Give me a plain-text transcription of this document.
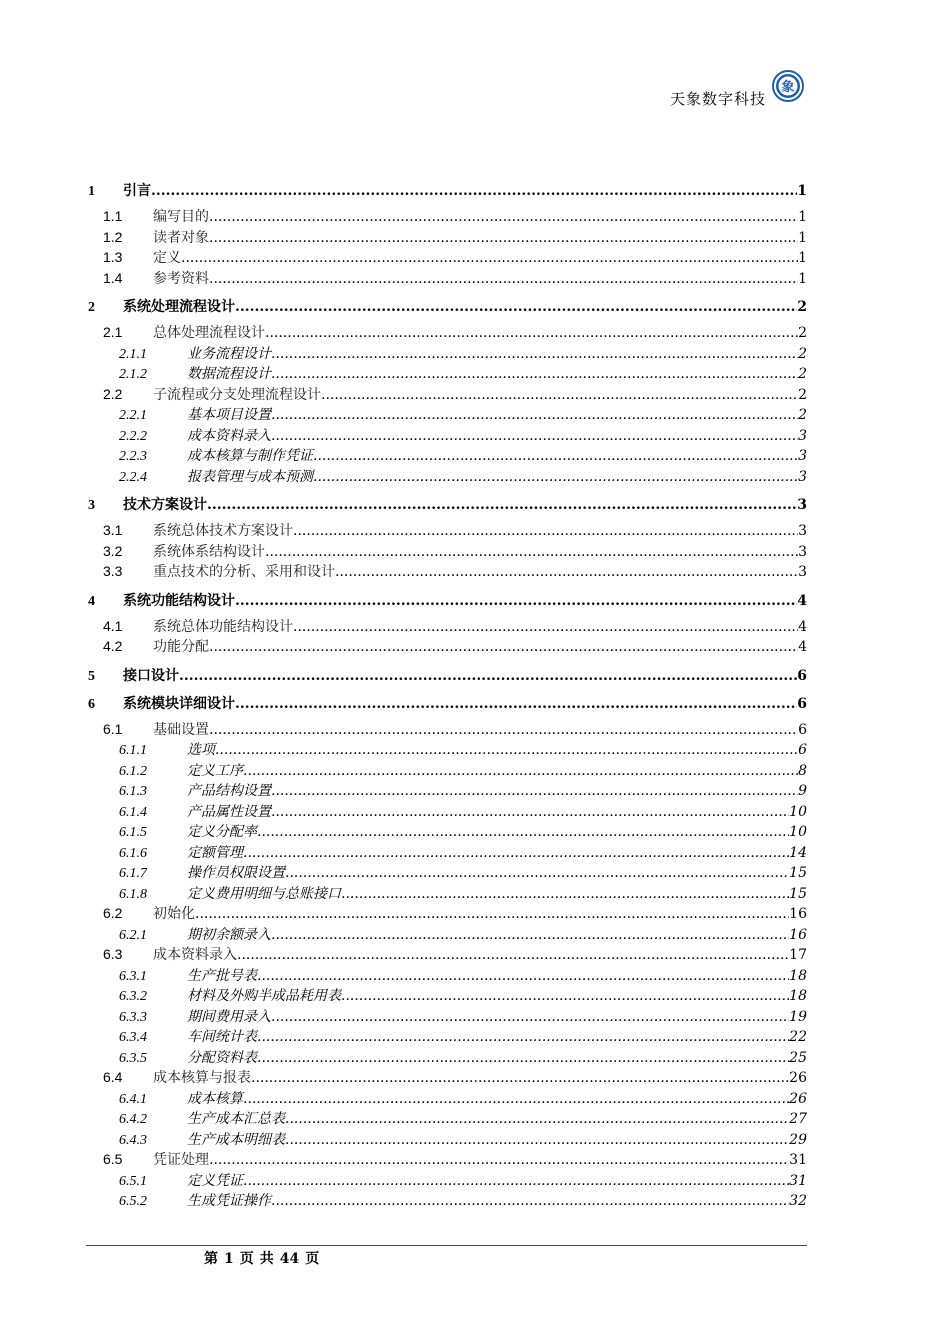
天象数字科技
象
1	引言 .....	1
1.1	编写目的 .....	1
1.2	读者对象 .....	1
1.3	定义 .....	1
1.4	参考资料 .....	1
2	系统处理流程设计 .....	2
2.1	总体处理流程设计 .....	2
2.1.1	业务流程设计 .....	2
2.1.2	数据流程设计 .....	2
2.2	子流程或分支处理流程设计 .....	2
2.2.1	基本项目设置 .....	2
2.2.2	成本资料录入 .....	3
2.2.3	成本核算与制作凭证 .....	3
2.2.4	报表管理与成本预测 .....	3
3	技术方案设计 .....	3
3.1	系统总体技术方案设计 .....	3
3.2	系统体系结构设计 .....	3
3.3	重点技术的分析、采用和设计 .....	3
4	系统功能结构设计 .....	4
4.1	系统总体功能结构设计 .....	4
4.2	功能分配 .....	4
5	接口设计 .....	6
6	系统模块详细设计 .....	6
6.1	基础设置 .....	6
6.1.1	选项 .....	6
6.1.2	定义工序 .....	8
6.1.3	产品结构设置 .....	9
6.1.4	产品属性设置 .....	10
6.1.5	定义分配率 .....	10
6.1.6	定额管理 .....	14
6.1.7	操作员权限设置 .....	15
6.1.8	定义费用明细与总账接口 .....	15
6.2	初始化 .....	16
6.2.1	期初余额录入 .....	16
6.3	成本资料录入 .....	17
6.3.1	生产批号表 .....	18
6.3.2	材料及外购半成品耗用表 .....	18
6.3.3	期间费用录入 .....	19
6.3.4	车间统计表 .....	22
6.3.5	分配资料表 .....	25
6.4	成本核算与报表 .....	26
6.4.1	成本核算 .....	26
6.4.2	生产成本汇总表 .....	27
6.4.3	生产成本明细表 .....	29
6.5	凭证处理 .....	31
6.5.1	定义凭证 .....	31
6.5.2	生成凭证操作 .....	32
第 1 页 共 44 页
